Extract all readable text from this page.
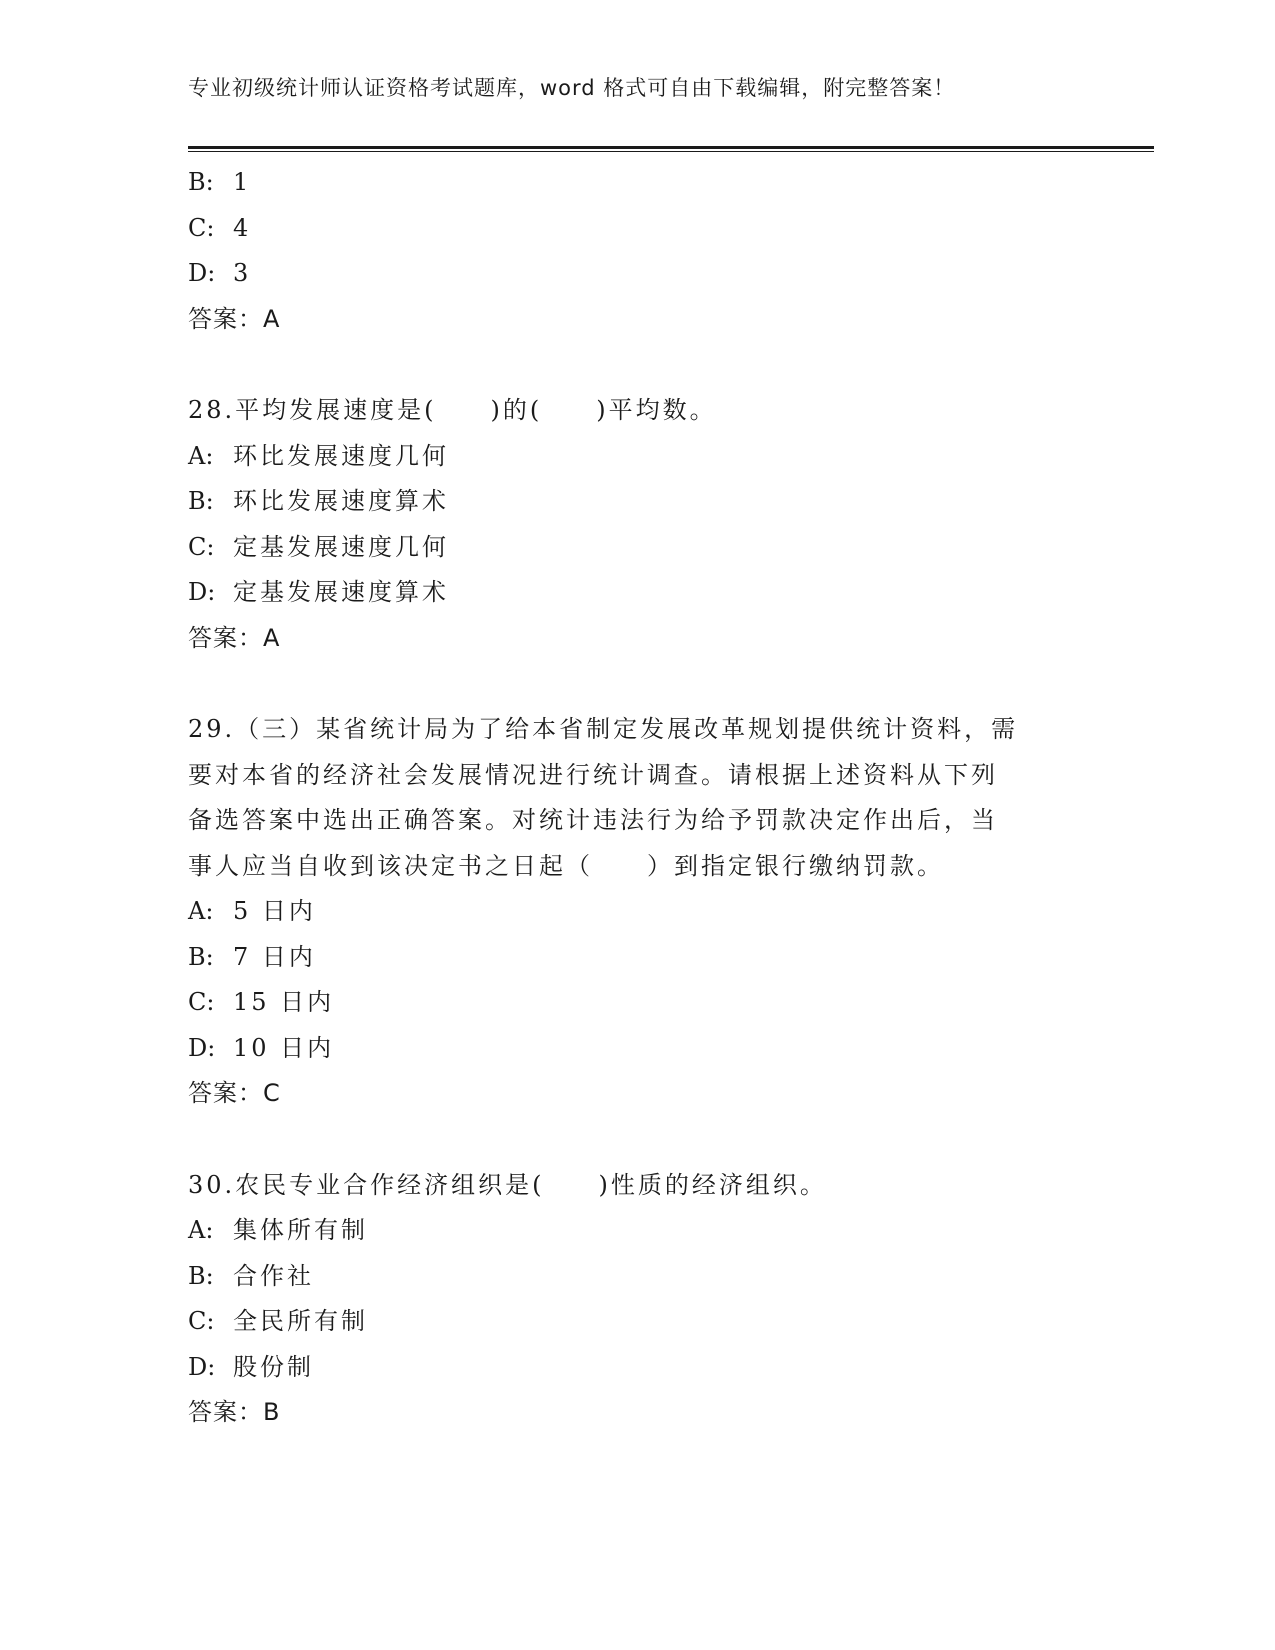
专业初级统计师认证资格考试题库，word 格式可自由下载编辑，附完整答案！
B: 1
C: 4
D: 3
答案：A
28.平均发展速度是(　　)的(　　)平均数。
A: 环比发展速度几何
B: 环比发展速度算术
C: 定基发展速度几何
D: 定基发展速度算术
答案：A
29.（三）某省统计局为了给本省制定发展改革规划提供统计资料，需
要对本省的经济社会发展情况进行统计调查。请根据上述资料从下列
备选答案中选出正确答案。对统计违法行为给予罚款决定作出后，当
事人应当自收到该决定书之日起（　　）到指定银行缴纳罚款。
A: 5 日内
B: 7 日内
C: 15 日内
D: 10 日内
答案：C
30.农民专业合作经济组织是(　　)性质的经济组织。
A: 集体所有制
B: 合作社
C: 全民所有制
D: 股份制
答案：B
